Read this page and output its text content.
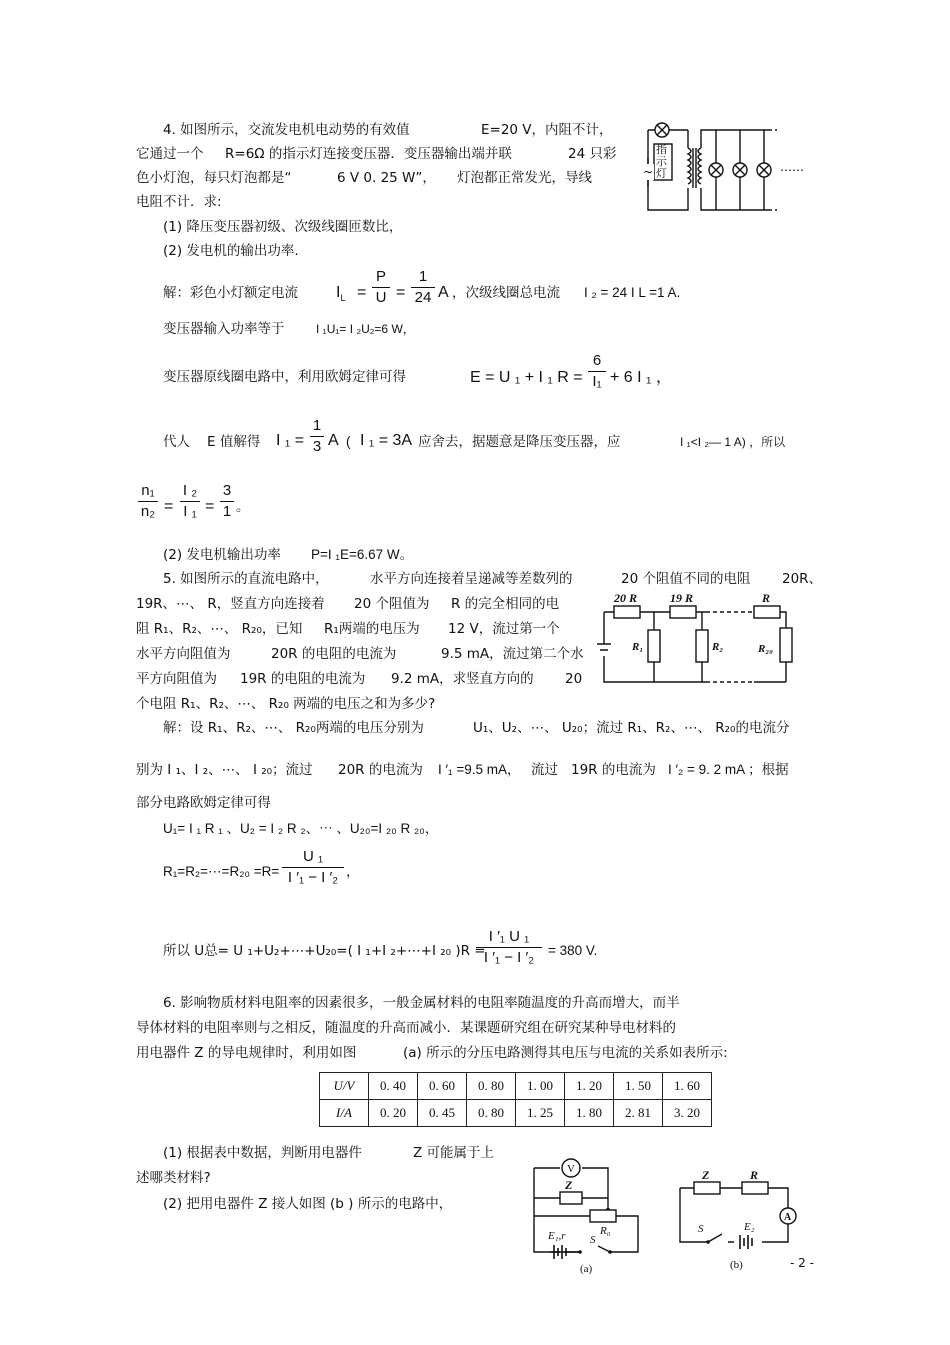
4. 如图所示，交流发电机电动势的有效值	E=20 V，内阻不计，
它通过一个 R=6Ω 的指示灯连接变压器．变压器输出端并联	24 只彩
色小灯泡，每只灯泡都是“	6 V 0. 25 W”， 灯泡都正常发光，导线
电阻不计．求:
(1) 降压变压器初级、次级线圈匝数比，
(2) 发电机的输出功率.
~	⋯⋯
指示灯
解：彩色小灯额定电流 $I_L$ =
P
U =
1
24 A ，次级线圈总电流 I ₂ = 24 I L =1 A.
变压器输入功率等于	I ₁U₁= I ₂U₂=6 W，
变压器原线圈电路中，利用欧姆定律可得	E = U ₁ + I ₁ R =
6
I₁ + 6 I ₁ ，
代人 E 值解得 I ₁ =
1
3 A ( I ₁ = 3A 应舍去，据题意是降压变压器，应	I ₁<I ₂— 1 A) ，所以
n₁
n₂ =
I ₂
I ₁ =
3
1 。
(2) 发电机输出功率 P=I ₁E=6.67 W。
5. 如图所示的直流电路中，	水平方向连接着呈递减等差数列的	20 个阻值不同的电阻 20R、
19R、⋯、 R，竖直方向连接着 20 个阻值为 R 的完全相同的电
阻 R₁、R₂、⋯、 R₂₀，已知 R₁两端的电压为 12 V，流过第一个
水平方向阻值为	20R 的电阻的电流为	9.5 mA，流过第二个水
平方向阻值为 19R 的电阻的电流为 9.2 mA，求竖直方向的 20
个电阻 R₁、R₂、⋯、 R₂₀ 两端的电压之和为多少?
20 R	19 R	R
R₁	R₂	R₂₀
解：设 R₁、R₂、⋯、 R₂₀两端的电压分别为	U₁、U₂、⋯、 U₂₀；流过 R₁、R₂、⋯、 R₂₀的电流分
别为 I ₁、I ₂、⋯、 I ₂₀；流过 20R 的电流为 I ′₁ =9.5 mA， 流过 19R 的电流为 I ′₂ = 9. 2 mA ；根据
部分电路欧姆定律可得
U₁= I ₁ R ₁ 、U₂ = I ₂ R ₂、⋯ 、U₂₀=I ₂₀ R ₂₀，
R₁=R₂=⋯=R₂₀ =R=
U ₁
I ′₁ − I ′₂ ，
所以 U总= U ₁+U₂+⋯+U₂₀=( I ₁+I ₂+⋯+I ₂₀ )R =
I ′₁ U ₁
I ′₁ − I ′₂	= 380 V.
6. 影响物质材料电阻率的因素很多，一般金属材料的电阻率随温度的升高而增大，而半
导体材料的电阻率则与之相反，随温度的升高而减小．某课题研究组在研究某种导电材料的
用电器件 Z 的导电规律时，利用如图	(a) 所示的分压电路测得其电压与电流的关系如表所示:
U/V	0. 40	0. 60	0. 80	1. 00	1. 20	1. 50	1. 60
I/A	0. 20	0. 45	0. 80	1. 25	1. 80	2. 81	3. 20
(1) 根据表中数据，判断用电器件	Z 可能属于上
述哪类材料?
(2) 把用电器件 Z 接人如图 (b ) 所示的电路中，
V
Z
R₀
E₁,r S
(a)
Z	R
A
S	E₂
(b)	- 2 -
